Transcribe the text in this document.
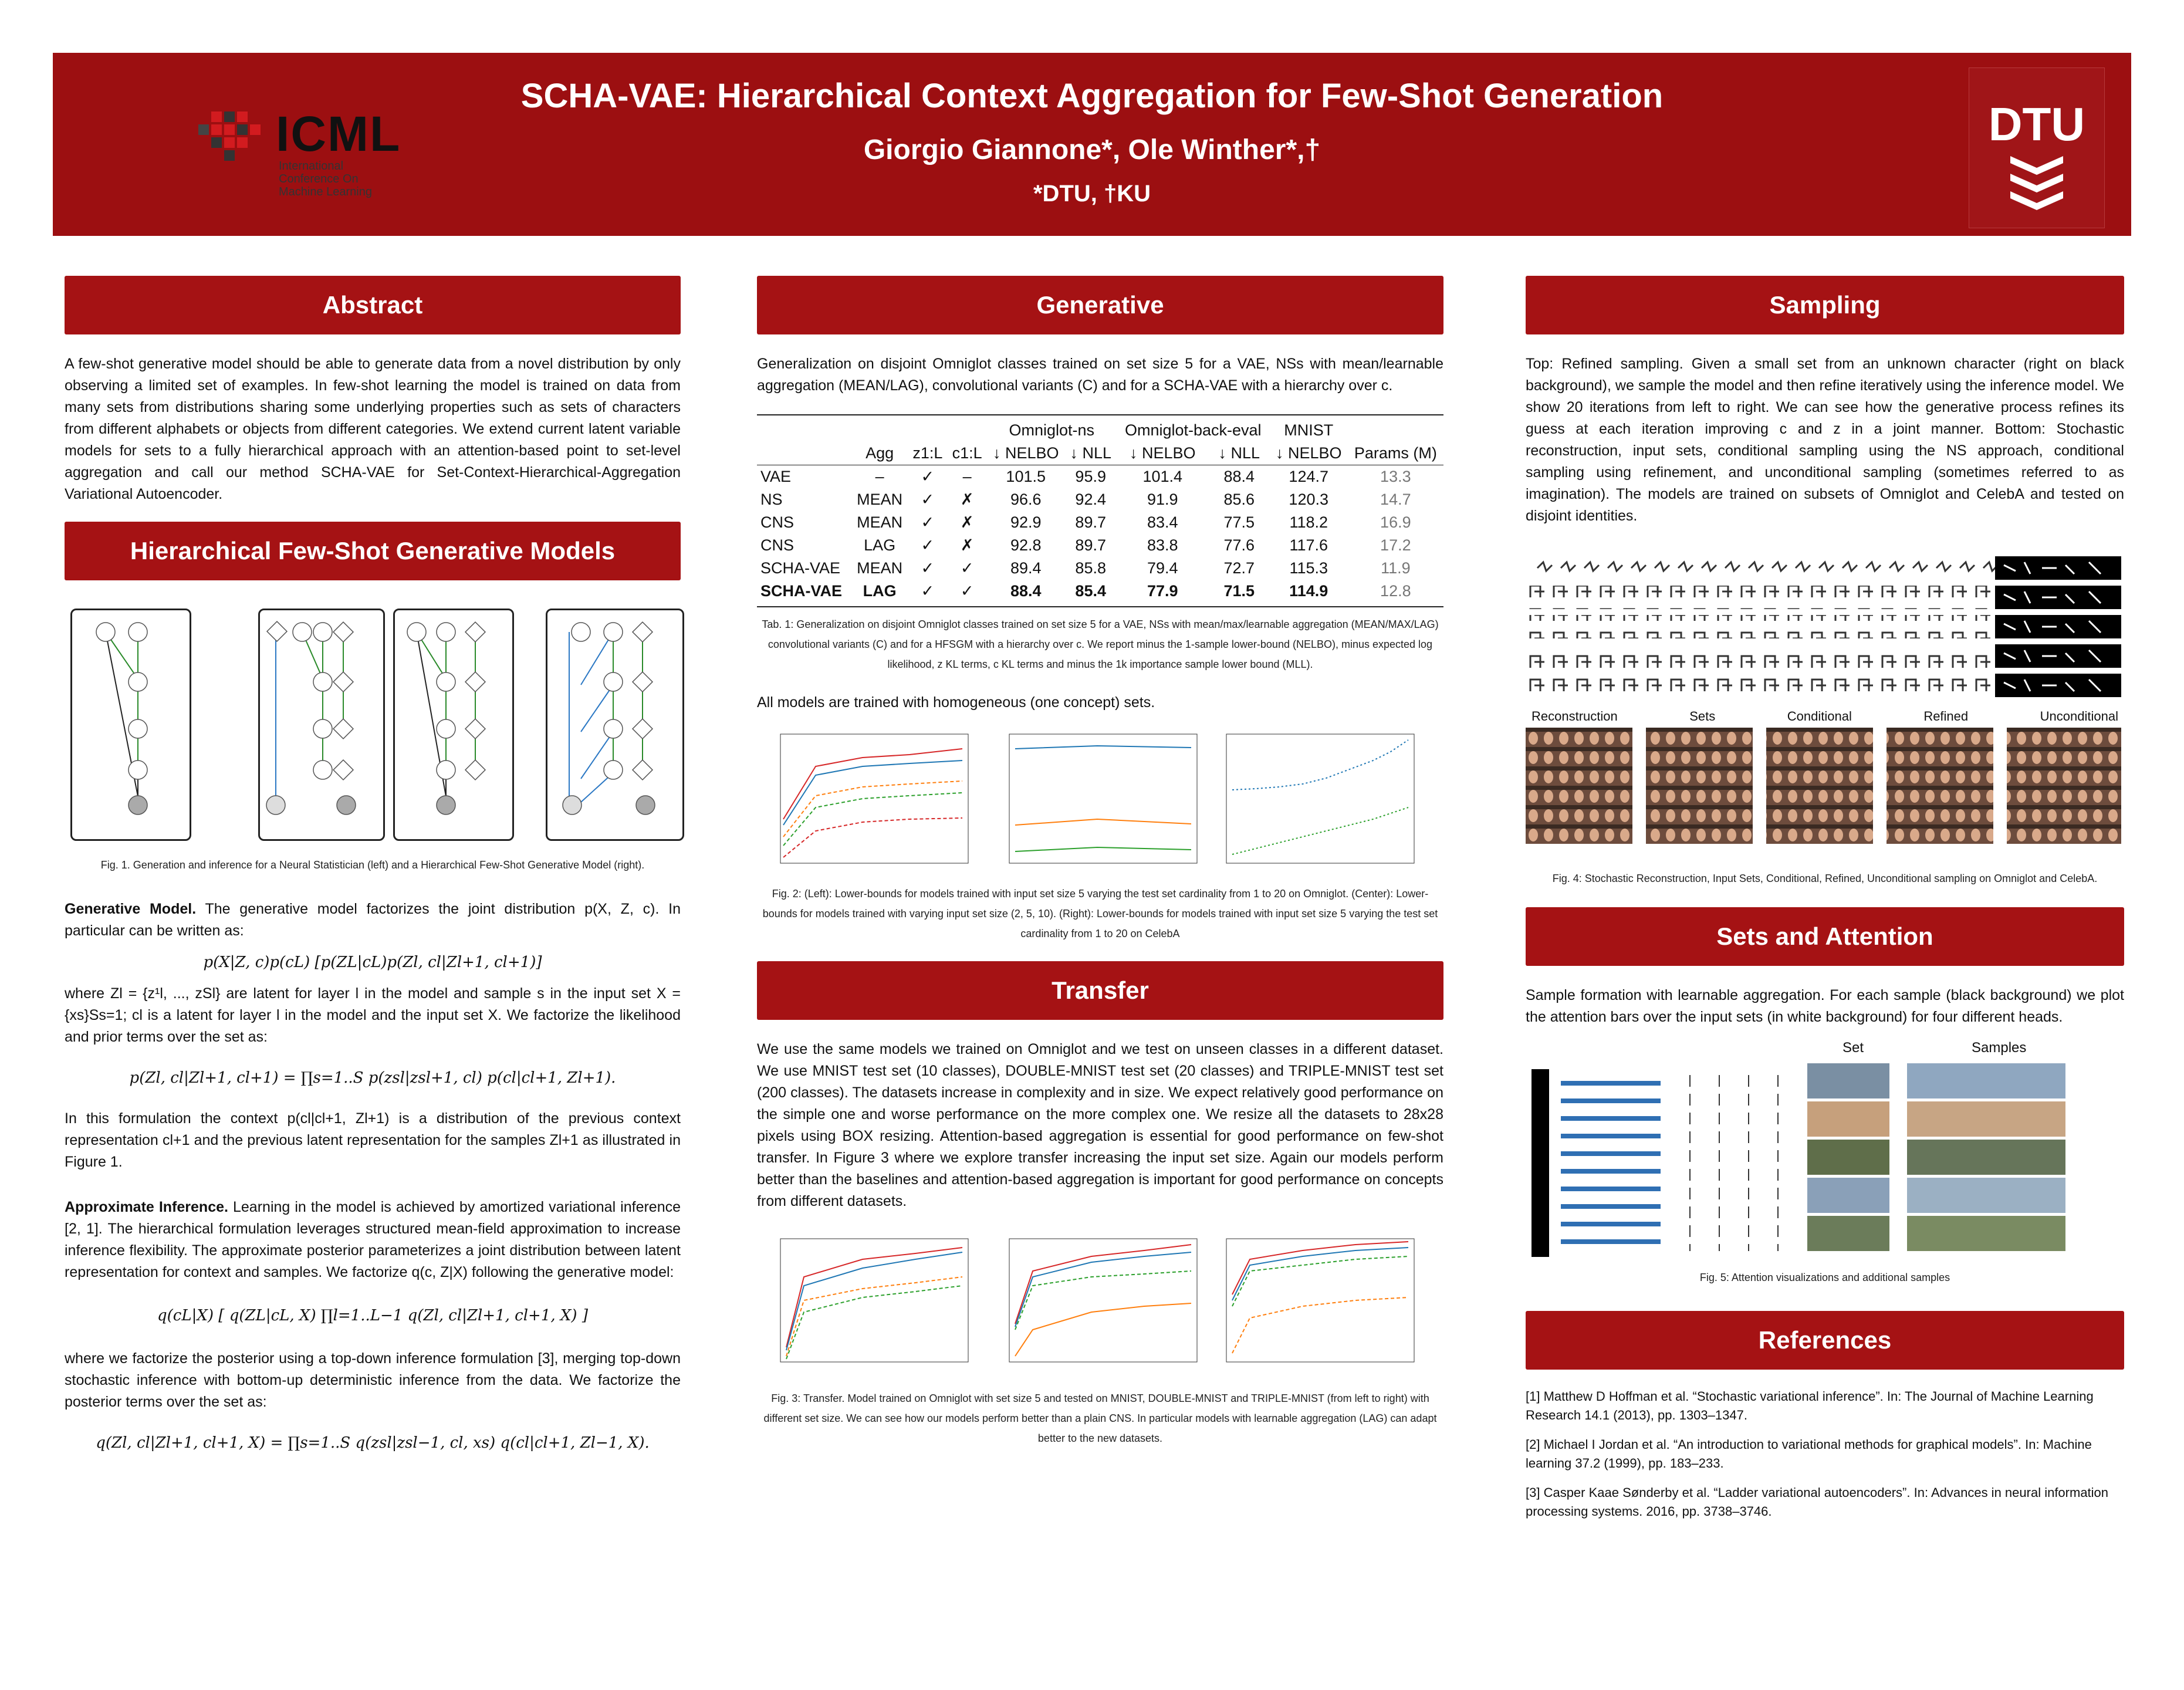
ICML
International Conference On Machine Learning
SCHA-VAE: Hierarchical Context Aggregation for Few-Shot Generation
Giorgio Giannone*, Ole Winther*,†
*DTU, †KU
DTU
Abstract

A few-shot generative model should be able to generate data from a novel distribution by only observing a limited set of examples. In few-shot learning the model is trained on data from many sets from distributions sharing some underlying properties such as sets of characters from different alphabets or objects from different categories. We extend current latent variable models for sets to a fully hierarchical approach with an attention-based point to set-level aggregation and call our method SCHA-VAE for Set-Context-Hierarchical-Aggregation Variational Autoencoder.

Hierarchical Few-Shot Generative Models
Fig. 1. Generation and inference for a Neural Statistician (left) and a Hierarchical Few-Shot Generative Model (right).

Generative Model. The generative model factorizes the joint distribution p(X, Z, c). In particular can be written as:

p(X|Z, c)p(cL) [p(ZL|cL)p(Zl, cl|Zl+1, cl+1)]

where Zl = {z¹l, ..., zSl} are latent for layer l in the model and sample s in the input set X = {xs}Ss=1; cl is a latent for layer l in the model and the input set X. We factorize the likelihood and prior terms over the set as:

p(Zl, cl|Zl+1, cl+1) = ∏s=1..S p(zsl|zsl+1, cl) p(cl|cl+1, Zl+1).

In this formulation the context p(cl|cl+1, Zl+1) is a distribution of the previous context representation cl+1 and the previous latent representation for the samples Zl+1 as illustrated in Figure 1.

Approximate Inference. Learning in the model is achieved by amortized variational inference [2, 1]. The hierarchical formulation leverages structured mean-field approximation to increase inference flexibility. The approximate posterior parameterizes a joint distribution between latent representation for context and samples. We factorize q(c, Z|X) following the generative model:

q(cL|X) [ q(ZL|cL, X) ∏l=1..L−1 q(Zl, cl|Zl+1, cl+1, X) ]

where we factorize the posterior using a top-down inference formulation [3], merging top-down stochastic inference with bottom-up deterministic inference from the data. We factorize the posterior terms over the set as:

q(Zl, cl|Zl+1, cl+1, X) = ∏s=1..S q(zsl|zsl−1, cl, xs) q(cl|cl+1, Zl−1, X).
Generative

Generalization on disjoint Omniglot classes trained on set size 5 for a VAE, NSs with mean/learnable aggregation (MEAN/LAG), convolutional variants (C) and for a SCHA-VAE with a hierarchy over c.

				Omniglot-ns		Omniglot-back-eval		MNIST	
	Agg	z1:L	c1:L	↓ NELBO	↓ NLL	↓ NELBO	↓ NLL	↓ NELBO	Params (M)
VAE	–	✓	–	101.5	95.9	101.4	88.4	124.7	13.3
NS	MEAN	✓	✗	96.6	92.4	91.9	85.6	120.3	14.7
CNS	MEAN	✓	✗	92.9	89.7	83.4	77.5	118.2	16.9
CNS	LAG	✓	✗	92.8	89.7	83.8	77.6	117.6	17.2
SCHA-VAE	MEAN	✓	✓	89.4	85.8	79.4	72.7	115.3	11.9
SCHA-VAE	LAG	✓	✓	88.4	85.4	77.9	71.5	114.9	12.8
Tab. 1: Generalization on disjoint Omniglot classes trained on set size 5 for a VAE, NSs with mean/max/learnable aggregation (MEAN/MAX/LAG) convolutional variants (C) and for a HFSGM with a hierarchy over c. We report minus the 1-sample lower-bound (NELBO), minus expected log likelihood, z KL terms, c KL terms and minus the 1k importance sample lower bound (MLL).

All models are trained with homogeneous (one concept) sets.

Fig. 2: (Left): Lower-bounds for models trained with input set size 5 varying the test set cardinality from 1 to 20 on Omniglot. (Center): Lower-bounds for models trained with varying input set size (2, 5, 10). (Right): Lower-bounds for models trained with input set size 5 varying the test set cardinality from 1 to 20 on CelebA
Transfer

We use the same models we trained on Omniglot and we test on unseen classes in a different dataset. We use MNIST test set (10 classes), DOUBLE-MNIST test set (20 classes) and TRIPLE-MNIST test set (200 classes). The datasets increase in complexity and in size. We expect relatively good performance on the simple one and worse performance on the more complex one. We resize all the datasets to 28x28 pixels using BOX resizing. Attention-based aggregation is essential for good performance on few-shot transfer. In Figure 3 where we explore transfer increasing the input set size. Again our models perform better than the baselines and attention-based aggregation is important for good performance on concepts from different datasets.

Fig. 3: Transfer. Model trained on Omniglot with set size 5 and tested on MNIST, DOUBLE-MNIST and TRIPLE-MNIST (from left to right) with different set size. We can see how our models perform better than a plain CNS. In particular models with learnable aggregation (LAG) can adapt better to the new datasets.
Sampling

Top: Refined sampling. Given a small set from an unknown character (right on black background), we sample the model and then refine iteratively using the inference model. We show 20 iterations from left to right. We can see how the generative process refines its guess at each iteration improving c and z in a joint manner. Bottom: Stochastic reconstruction, input sets, conditional sampling using the NS approach, conditional sampling using refinement, and unconditional sampling (sometimes referred to as imagination). The models are trained on subsets of Omniglot and CelebA and tested on disjoint identities.

Reconstruction	Sets	Conditional	Refined	Unconditional
Fig. 4: Stochastic Reconstruction, Input Sets, Conditional, Refined, Unconditional sampling on Omniglot and CelebA.
Sets and Attention

Sample formation with learnable aggregation. For each sample (black background) we plot the attention bars over the input sets (in white background) for four different heads.

Set	Samples
Fig. 5: Attention visualizations and additional samples
References

[1] Matthew D Hoffman et al. “Stochastic variational inference”. In: The Journal of Machine Learning Research 14.1 (2013), pp. 1303–1347.

[2] Michael I Jordan et al. “An introduction to variational methods for graphical models”. In: Machine learning 37.2 (1999), pp. 183–233.

[3] Casper Kaae Sønderby et al. “Ladder variational autoencoders”. In: Advances in neural information processing systems. 2016, pp. 3738–3746.
